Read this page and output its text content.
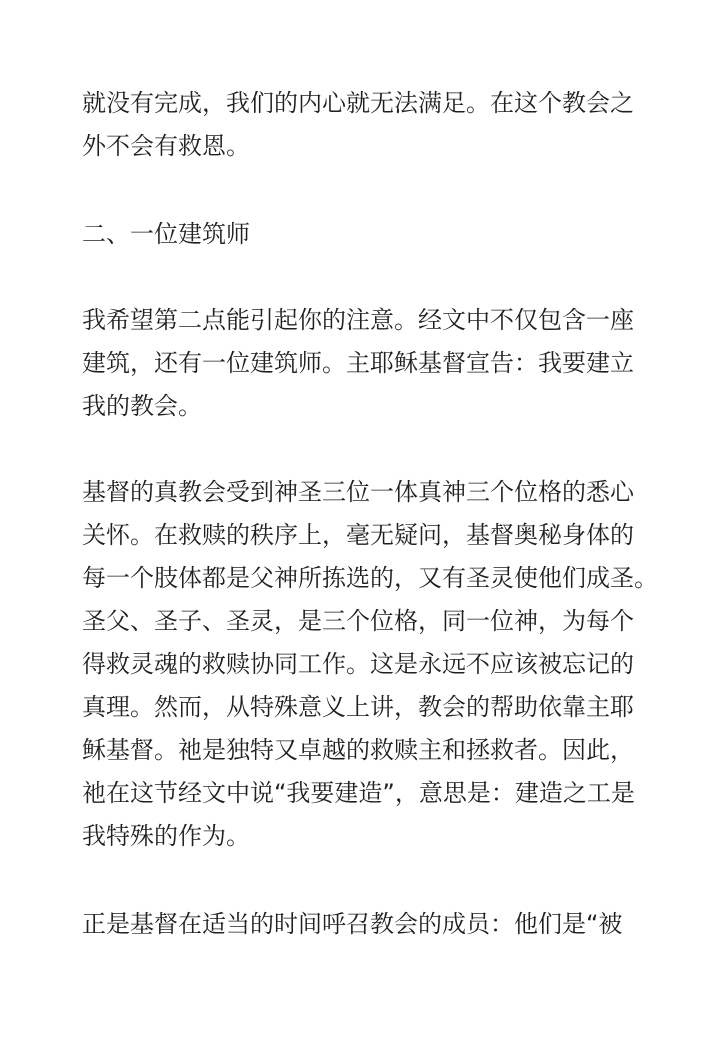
就没有完成，我们的内心就无法满足。在这个教会之
外不会有救恩。
二、一位建筑师
我希望第二点能引起你的注意。经文中不仅包含一座
建筑，还有一位建筑师。主耶稣基督宣告：我要建立
我的教会。
基督的真教会受到神圣三位一体真神三个位格的悉心
关怀。在救赎的秩序上，毫无疑问，基督奥秘身体的
每一个肢体都是父神所拣选的，又有圣灵使他们成圣。
圣父、圣子、圣灵，是三个位格，同一位神，为每个
得救灵魂的救赎协同工作。这是永远不应该被忘记的
真理。然而，从特殊意义上讲，教会的帮助依靠主耶
稣基督。祂是独特又卓越的救赎主和拯救者。因此，
祂在这节经文中说“我要建造”，意思是：建造之工是
我特殊的作为。
正是基督在适当的时间呼召教会的成员：他们是“被
